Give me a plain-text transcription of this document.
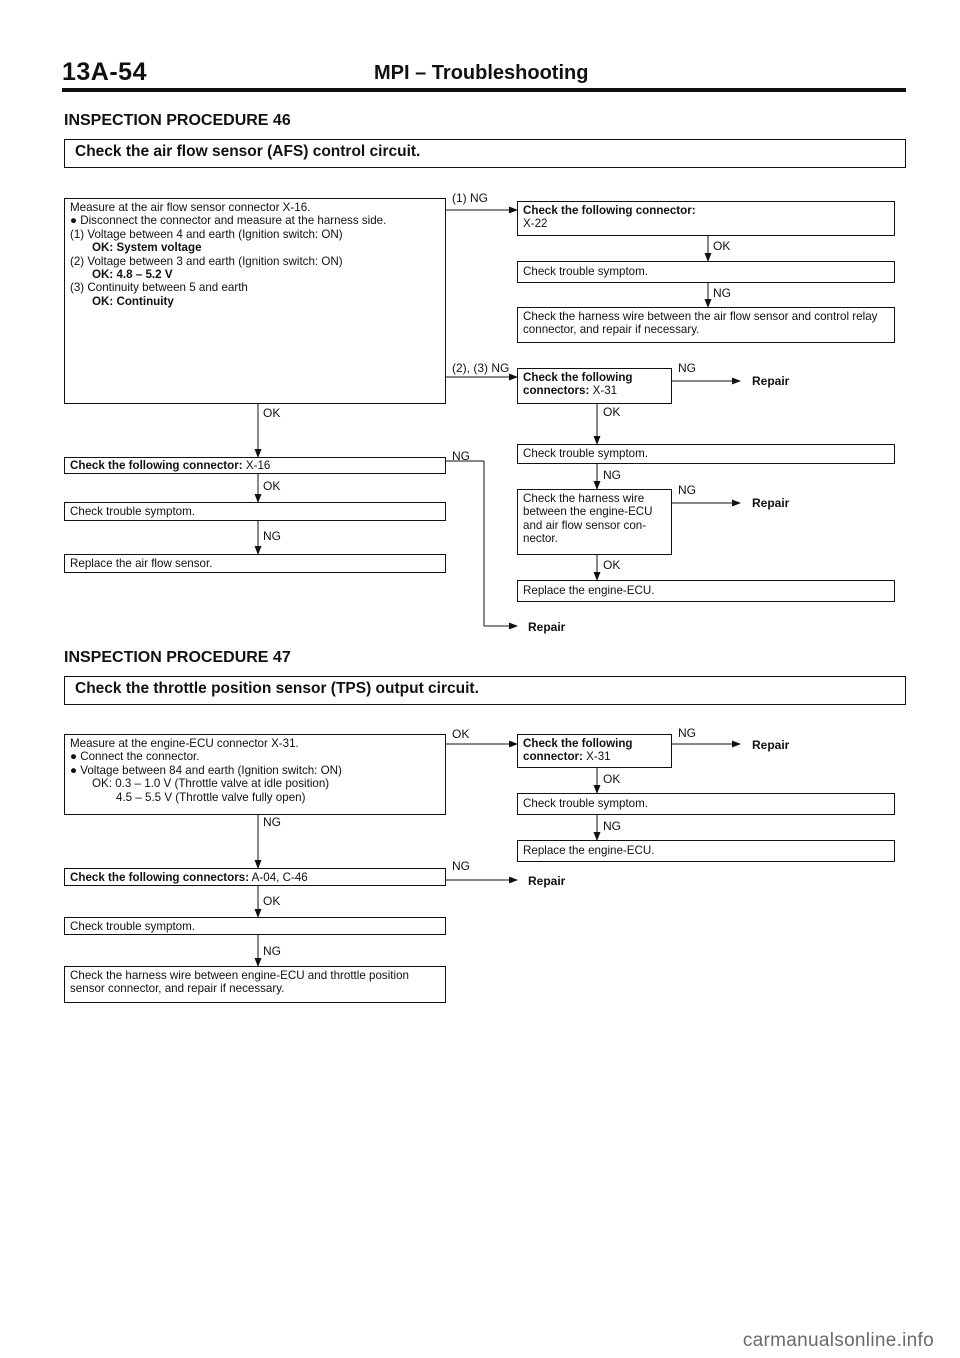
13A-54	MPI – Troubleshooting
INSPECTION PROCEDURE 46
Check the air flow sensor (AFS) control circuit.
Measure at the air flow sensor connector X-16.
● Disconnect the connector and measure at the harness side.
(1) Voltage between 4 and earth (Ignition switch: ON)
OK: System voltage
(2) Voltage between 3 and earth (Ignition switch: ON)
OK: 4.8 – 5.2 V
(3) Continuity between 5 and earth
OK: Continuity
(1) NG
(2), (3) NG
Check the following connector:
X-22
OK
Check trouble symptom.
NG
Check the harness wire between the air flow sensor and control relay connector, and repair if necessary.
Check the following
connectors: X-31
NG
Repair
OK
Check trouble symptom.
NG
Check the harness wire
between the engine-ECU
and air flow sensor con-
nector.
NG
Repair
OK
Replace the engine-ECU.
OK
Check the following connector: X-16
NG
OK
Check trouble symptom.
NG
Replace the air flow sensor.
Repair
INSPECTION PROCEDURE 47
Check the throttle position sensor (TPS) output circuit.
Measure at the engine-ECU connector X-31.
● Connect the connector.
● Voltage between 84 and earth (Ignition switch: ON)
OK: 0.3 – 1.0 V (Throttle valve at idle position)
4.5 – 5.5 V (Throttle valve fully open)
OK
Check the following
connector: X-31
NG
Repair
OK
Check trouble symptom.
NG
Replace the engine-ECU.
NG
Check the following connectors: A-04, C-46
NG
Repair
OK
Check trouble symptom.
NG
Check the harness wire between engine-ECU and throttle position sensor connector, and repair if necessary.
carmanualsonline.info
